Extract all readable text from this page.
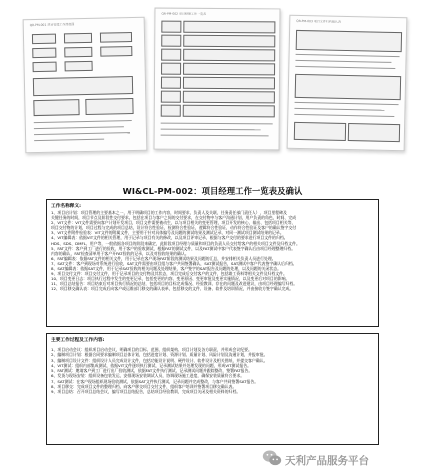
QR-PM-001 项目管理工作流程图
QR-PM-002 项目经理工作一览表
QR-PM-003 项目文件归档确认表
WI&CL-PM-002：项目经理工作一览表及确认
工作名称释义:
1、项目启计划：项目管理的主要基本之一，用于明确项目的工作内容，时间要求，负责人及关联，任务责任部门责任人），项目里程碑及
关键任务的时间，项目节点及阶段性交付要求。包括在项目与客户之间的交付要求，在交付物中与客户沟通计划，用户负责的角色，时间、完成
2、VIT文件：VIT文件需要向客户计划开发项目，项目文件需要被动生，以与项目相关的变更管理，项目开发的核心，输出、包括项目相关等，
项目交付物的计划，项目过程与完成的项目总结，设计符合性验证，检测符合性验证，逻辑符合性验证，动作符合性验证及客户的确认签字交付
3、VIT文件附件检验表：VIT文件的附属文件，主要用于针对具体编号及问题的测试结果及测试记录，对同一测试项目测试结果的记录。
4、VIT编辑表：依据VIT文件的相关管理，用于记录与项目有关的修改，以及项目评审记录，根据与客户交付的要求进行项目文件的归档。
HDS、SDS、DMFL、用户等，一般依据各项目的阶段来确定，此阶段项目经理与质量和项目的负责人员交付给客户的相关项目文件及归档文件。
5、FAT文件：客户到工厂进行的验收，用于客户的验收测试，根据FAT的测试文件，以及FAT测试中客户代表签字确认后由项目经理整理归档。
内容的确认，FAT检查清单用于客户开FAT验收的记录，以及对验收结果的确认。
6、FAT编辑表：依据FAT文件的相关文件，用于记录在客户现场FAT阶段的测试结果及问题的汇总，并安排相关负责人员进行处理。
7、SAT文件：客户到现场对系统进行验收，SAT文件需要由项目组与客户共同签署确认，SAT测试报告，SAT测试中客户代表签字确认后归档。
8、SAT编辑表：依据SAT文件，用于记录SAT验收的相关问题及处理结果，客户签字的SAT报告及问题的处理，以及问题的关闭状态。
9、项目交付文件：项目交付文件，用于记录项目的交付物及其状态，项目完成后交付客户的文件，包括竣工资料等相关文件及归档文件。
10、项目变更日志：项目执行过程中发生的变更记录，包括变更的内容、变更原因、变更审批及变更实施情况，以及变更后对项目的影响。
11、项目总结报告：项目结束后对项目执行情况的总结，包括项目的目标完成情况、经验教训、存在的问题及改进建议，由项目经理编写归档。
12、项目移交确认表：项目完成后向客户或运维部门移交的确认表单，包括移交的文件、设备、软件及培训情况，并由接收方签字确认完成。
主要工作过程及工作内容:
1、项目启动会议：组织项目启动会议，明确项目的目标、范围、组织架构、项目计划及各方职责，并形成会议纪要。
2、编制项目计划：根据合同要求编制项目总体计划，包括进度计划、资源计划、质量计划、风险计划及沟通计划，并报审批。
3、编制项目设计文件：组织设计人员完成设计文件，包括功能设计说明、硬件设计、软件设计及相关图纸，并提交客户确认。
4、VIT测试：组织内部集成测试，依据VIT文件逐项执行测试，记录测试结果并处理发现的问题，形成VIT测试报告。
5、FAT测试：邀请客户到工厂进行出厂验收测试，依据FAT文件执行测试，记录测试问题并跟踪整改，签署FAT报告。
6、发货与现场安装：组织设备包装发运，安排现场安装调试人员，协调现场施工进度，确保安装质量符合要求。
7、SAT测试：在客户现场组织现场验收测试，依据SAT文件执行测试，记录问题并完成整改，与客户共同签署SAT报告。
8、项目移交：完成项目文件的整理归档，向客户移交项目交付文件，组织客户培训并签署项目移交确认表。
9、项目总结：召开项目总结会议，编写项目总结报告，总结项目经验教训，完成项目关闭及相关资料的归档。
天利产品服务平台
